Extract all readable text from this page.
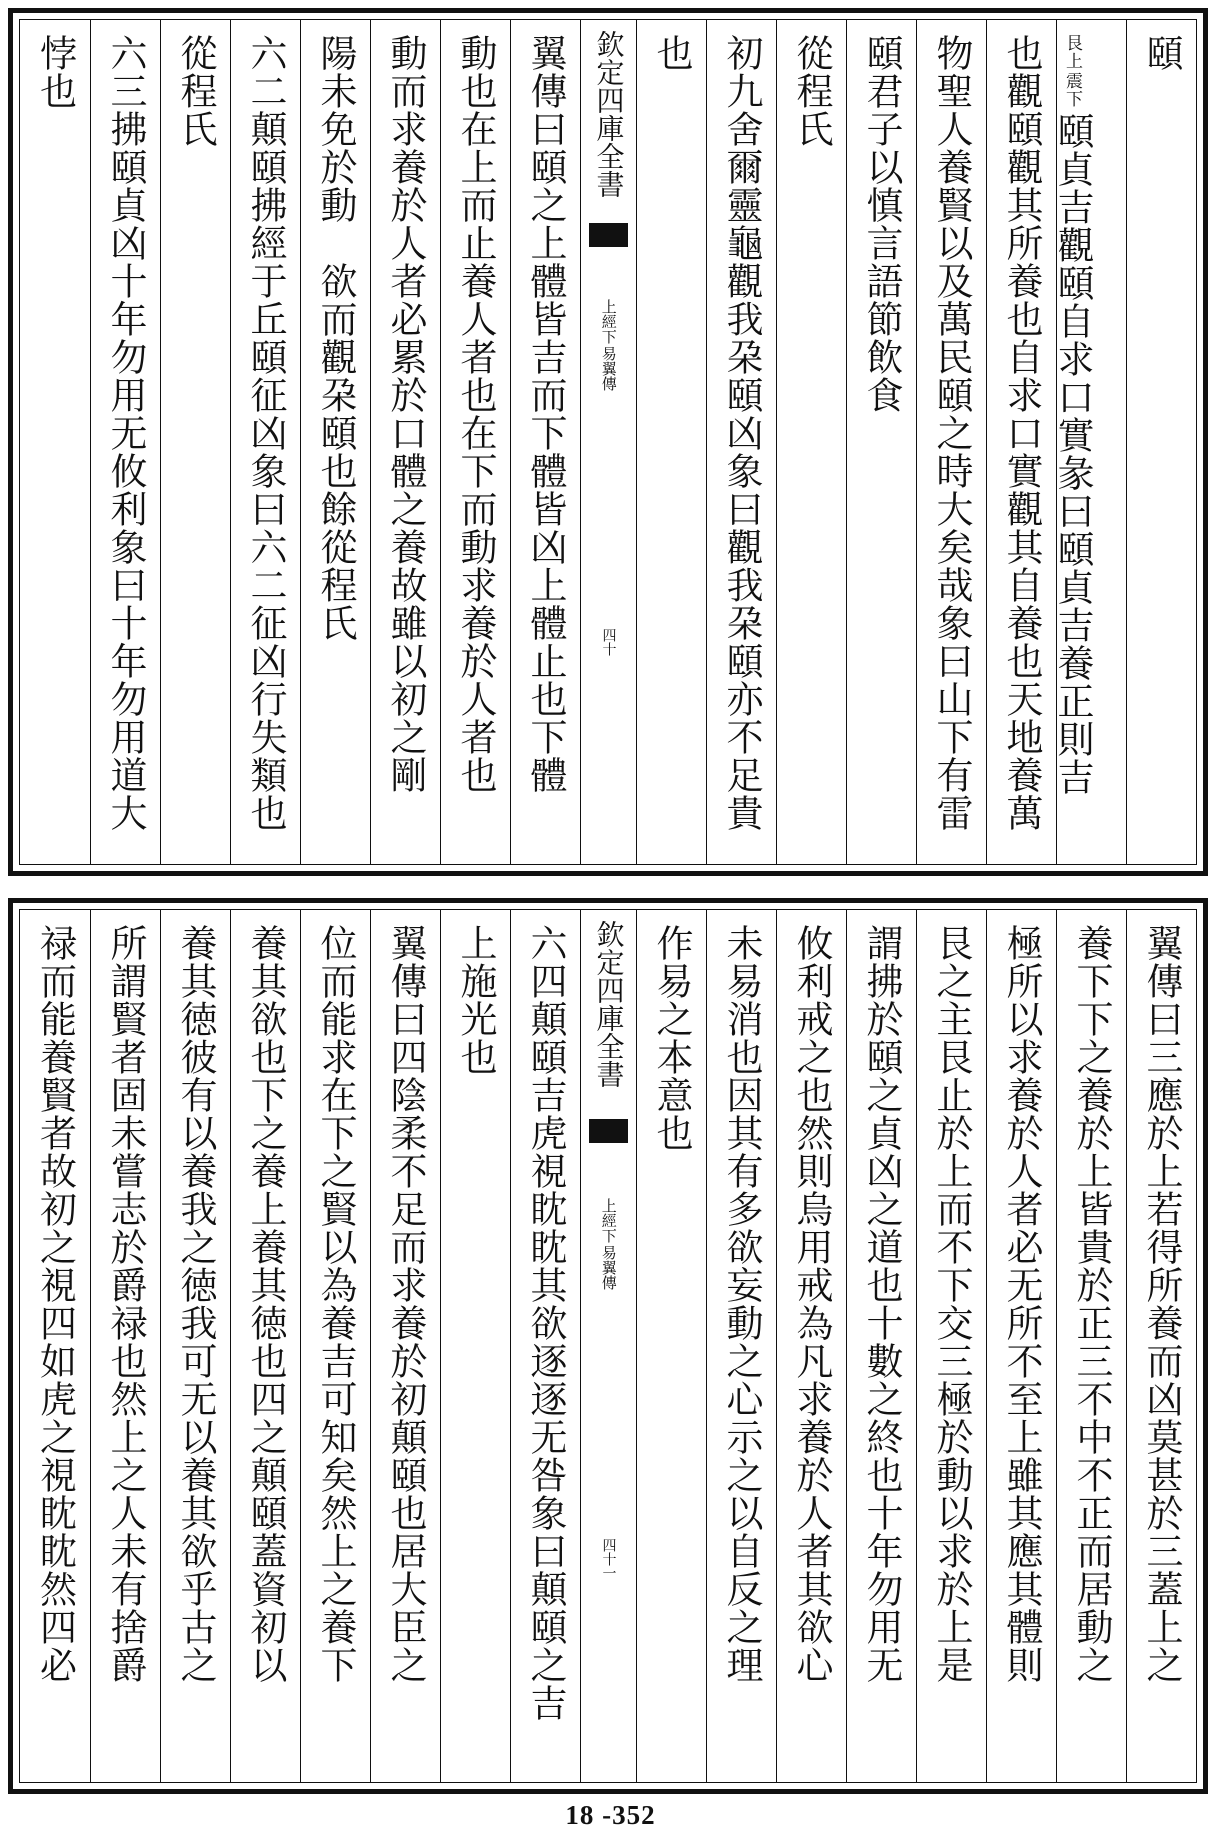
頤
震下
艮上
頤貞吉觀頤自求口實彖曰頤貞吉養正則吉
也觀頤觀其所養也自求口實觀其自養也天地養萬
物聖人養賢以及萬民頤之時大矣哉象曰山下有雷
頤君子以慎言語節飲食
從程氏
初九舍爾靈龜觀我朶頤凶象曰觀我朶頤亦不足貴
也
欽定四庫全書
易翼傳
上經下
四十
翼傳曰頤之上體皆吉而下體皆凶上體止也下體
動也在上而止養人者也在下而動求養於人者也
動而求養於人者必累於口體之養故雖以初之剛
陽未免於動　欲而觀朶頤也餘從程氏
六二顛頤拂經于丘頤征凶象曰六二征凶行失類也
從程氏
六三拂頤貞凶十年勿用无攸利象曰十年勿用道大
悖也
翼傳曰三應於上若得所養而凶莫甚於三蓋上之
養下下之養於上皆貴於正三不中不正而居動之
極所以求養於人者必无所不至上雖其應其體則
艮之主艮止於上而不下交三極於動以求於上是
謂拂於頤之貞凶之道也十數之終也十年勿用无
攸利戒之也然則烏用戒為凡求養於人者其欲心
未易消也因其有多欲妄動之心示之以自反之理
作易之本意也
欽定四庫全書
易翼傳
上經下
四十一
六四顛頤吉虎視眈眈其欲逐逐无咎象曰顛頤之吉
上施光也
翼傳曰四陰柔不足而求養於初顛頤也居大臣之
位而能求在下之賢以為養吉可知矣然上之養下
養其欲也下之養上養其徳也四之顛頤蓋資初以
養其徳彼有以養我之徳我可无以養其欲乎古之
所謂賢者固未嘗志於爵禄也然上之人未有捨爵
禄而能養賢者故初之視四如虎之視眈眈然四必
18 -352
